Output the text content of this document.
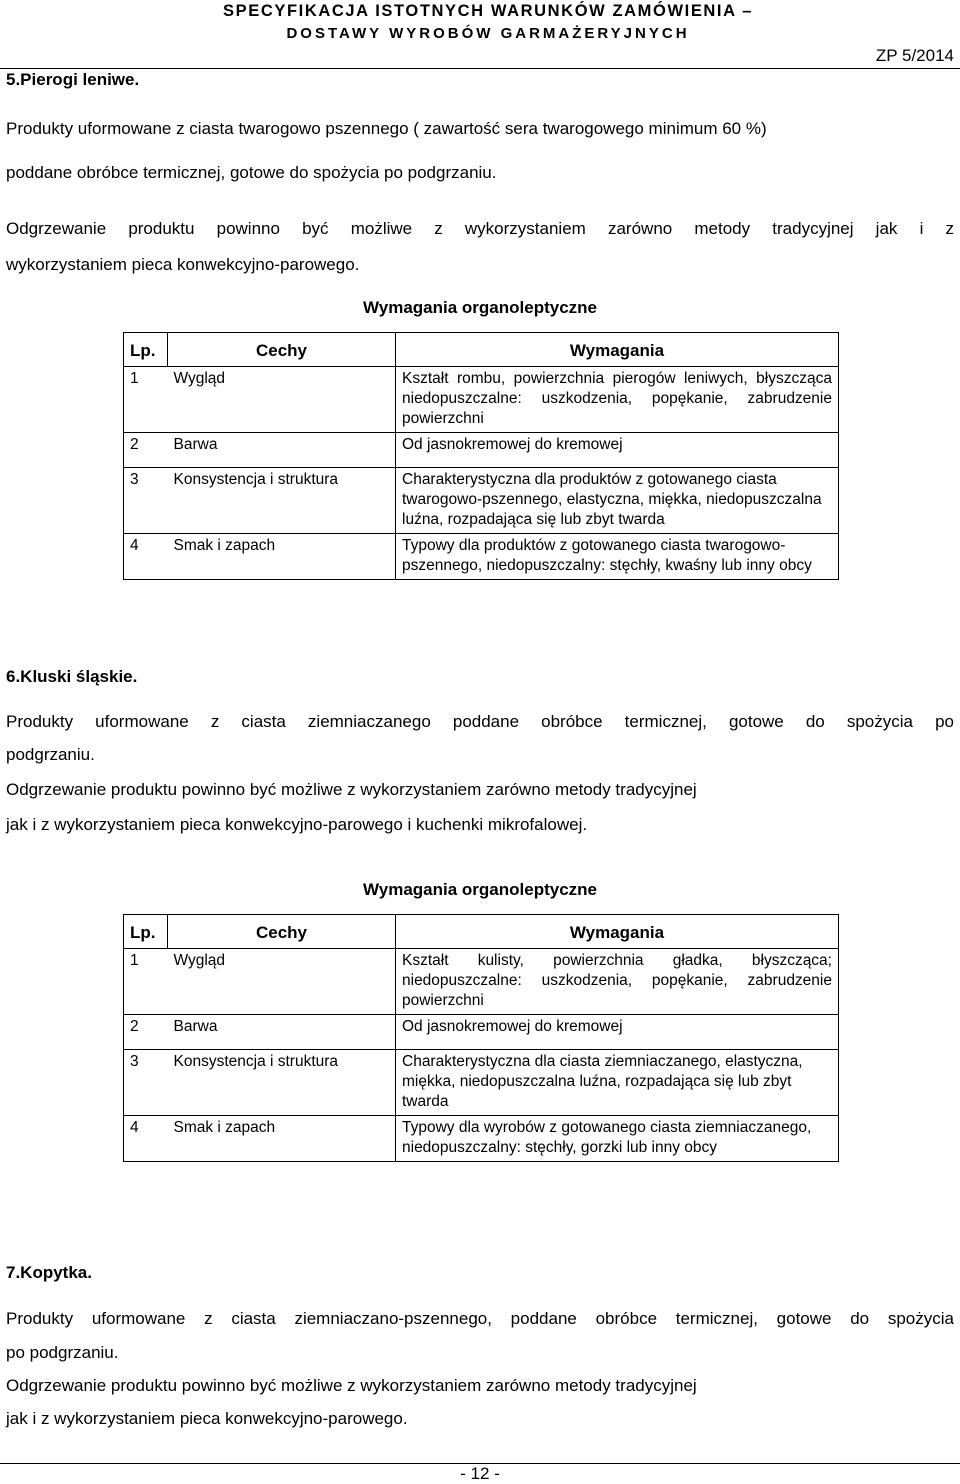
SPECYFIKACJA ISTOTNYCH WARUNKÓW ZAMÓWIENIA –
DOSTAWY WYROBÓW GARMAŻERYJNYCH
ZP 5/2014
5.Pierogi leniwe.
Produkty uformowane z ciasta twarogowo pszennego ( zawartość sera twarogowego minimum 60 %)
poddane obróbce termicznej, gotowe do spożycia po podgrzaniu.
Odgrzewanie produktu powinno być możliwe z wykorzystaniem zarówno metody tradycyjnej jak i z
wykorzystaniem pieca konwekcyjno-parowego.
Wymagania organoleptyczne
Lp.	Cechy	Wymagania
1	Wygląd	Kształt rombu, powierzchnia pierogów leniwych, błyszcząca niedopuszczalne: uszkodzenia, popękanie, zabrudzenie powierzchni
2	Barwa	Od jasnokremowej do kremowej
3	Konsystencja i struktura	Charakterystyczna dla produktów z gotowanego ciasta twarogowo-pszennego, elastyczna, miękka, niedopuszczalna luźna, rozpadająca się lub zbyt twarda
4	Smak i zapach	Typowy dla produktów z gotowanego ciasta twarogowo-pszennego, niedopuszczalny: stęchły, kwaśny lub inny obcy
6.Kluski śląskie.
Produkty uformowane z ciasta ziemniaczanego poddane obróbce termicznej, gotowe do spożycia po
podgrzaniu.
Odgrzewanie produktu powinno być możliwe z wykorzystaniem zarówno metody tradycyjnej
jak i z wykorzystaniem pieca konwekcyjno-parowego i kuchenki mikrofalowej.
Wymagania organoleptyczne
Lp.	Cechy	Wymagania
1	Wygląd	Kształt kulisty, powierzchnia gładka, błyszcząca; niedopuszczalne: uszkodzenia, popękanie, zabrudzenie powierzchni
2	Barwa	Od jasnokremowej do kremowej
3	Konsystencja i struktura	Charakterystyczna dla ciasta ziemniaczanego, elastyczna, miękka, niedopuszczalna luźna, rozpadająca się lub zbyt twarda
4	Smak i zapach	Typowy dla wyrobów z gotowanego ciasta ziemniaczanego, niedopuszczalny: stęchły, gorzki lub inny obcy
7.Kopytka.
Produkty uformowane z ciasta ziemniaczano-pszennego, poddane obróbce termicznej, gotowe do spożycia
po podgrzaniu.
Odgrzewanie produktu powinno być możliwe z wykorzystaniem zarówno metody tradycyjnej
jak i z wykorzystaniem pieca konwekcyjno-parowego.
- 12 -
